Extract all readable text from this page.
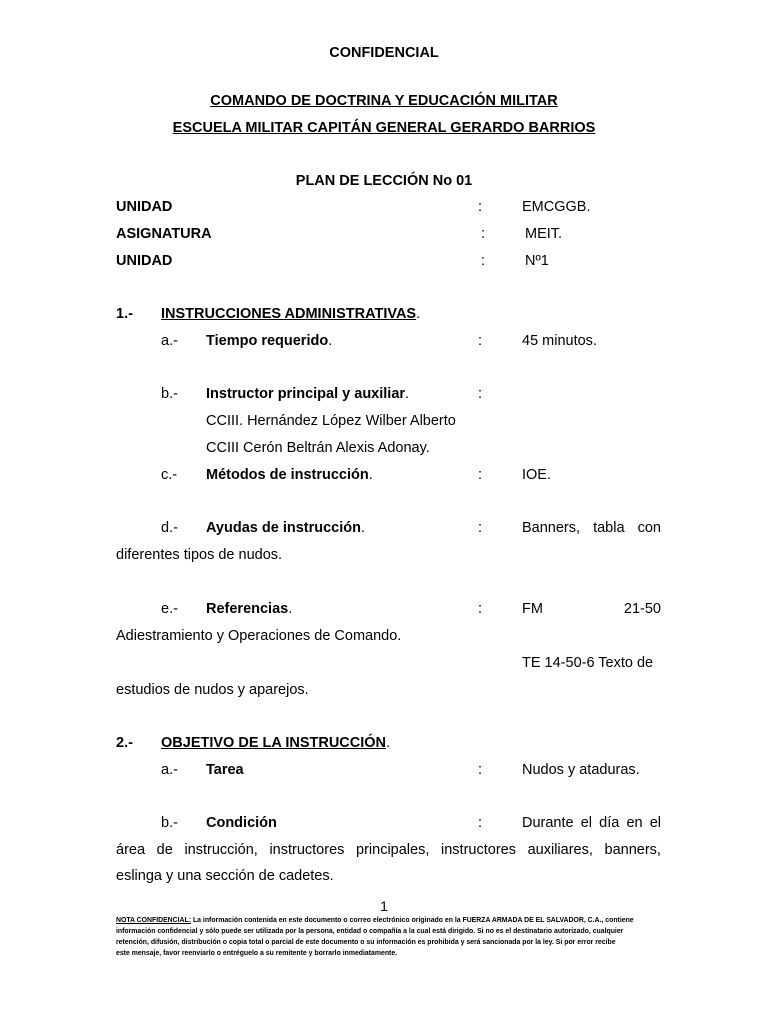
CONFIDENCIAL
COMANDO DE DOCTRINA Y EDUCACIÓN MILITAR
ESCUELA MILITAR CAPITÁN GENERAL GERARDO BARRIOS
PLAN DE LECCIÓN No 01
UNIDAD	:	EMCGGB.
ASIGNATURA	:	MEIT.
UNIDAD	:	Nº1
1.- INSTRUCCIONES ADMINISTRATIVAS.
a.- Tiempo requerido.	:	45 minutos.
b.- Instructor principal y auxiliar.	:
CCIII. Hernández López Wilber Alberto
CCIII Cerón Beltrán Alexis Adonay.
c.- Métodos de instrucción.	:	IOE.
d.- Ayudas de instrucción.	:	Banners, tabla con
diferentes tipos de nudos.
e.- Referencias.	:	FM	21-50
Adiestramiento y Operaciones de Comando.
TE 14-50-6 Texto de
estudios de nudos y aparejos.
2.- OBJETIVO DE LA INSTRUCCIÓN.
a.- Tarea	:	Nudos y ataduras.
b.- Condición	:	Durante el día en el
área de instrucción, instructores principales, instructores auxiliares, banners,
eslinga y una sección de cadetes.
1
NOTA CONFIDENCIAL: La información contenida en este documento o correo electrónico originado en la FUERZA ARMADA DE EL SALVADOR, C.A., contiene
información confidencial y sólo puede ser utilizada por la persona, entidad o compañía a la cual está dirigido. Si no es el destinatario autorizado, cualquier
retención, difusión, distribución o copia total o parcial de este documento o su información es prohibida y será sancionada por la ley. Si por error recibe
este mensaje, favor reenviarlo o entréguelo a su remitente y borrarlo inmediatamente.
